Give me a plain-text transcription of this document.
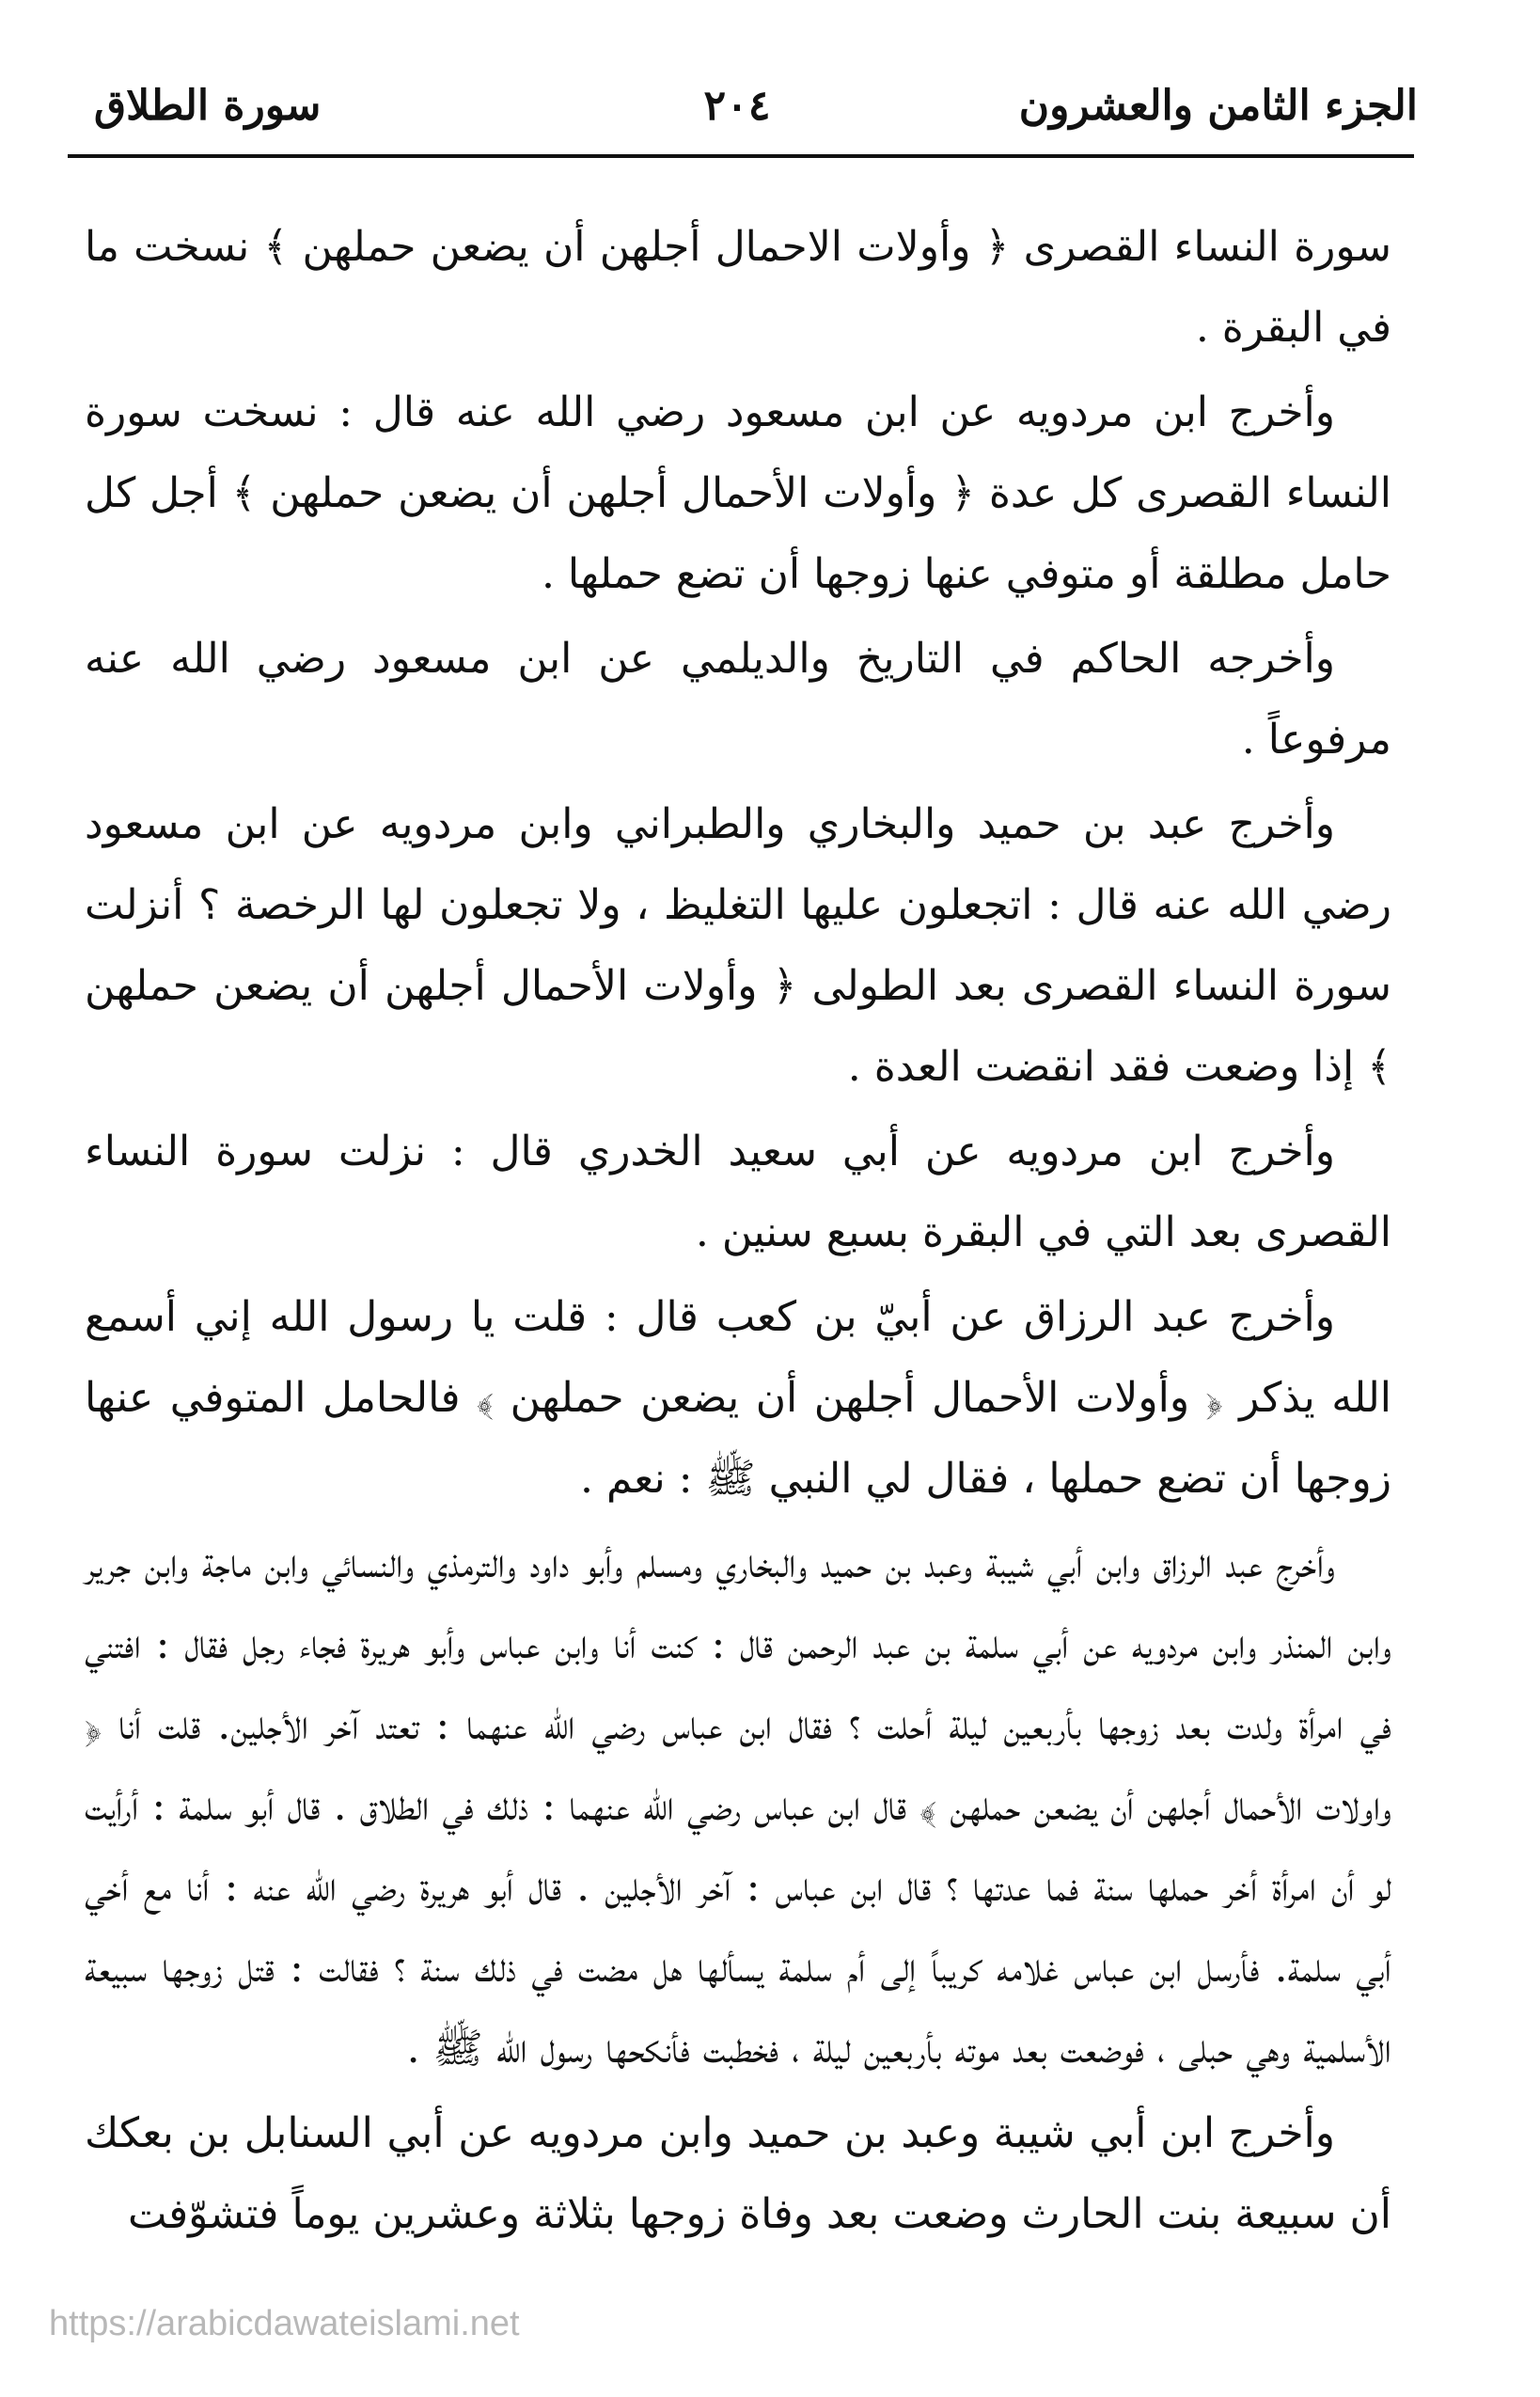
الجزء الثامن والعشرون
٢٠٤
سورة الطلاق

سورة النساء القصرى ﴿ وأولات الاحمال أجلهن أن يضعن حملهن ﴾ نسخت ما في البقرة .

وأخرج ابن مردويه عن ابن مسعود رضي الله عنه قال : نسخت سورة النساء القصرى كل عدة ﴿ وأولات الأحمال أجلهن أن يضعن حملهن ﴾ أجل كل حامل مطلقة أو متوفي عنها زوجها أن تضع حملها .

وأخرجه الحاكم في التاريخ والديلمي عن ابن مسعود رضي الله عنه مرفوعاً .

وأخرج عبد بن حميد والبخاري والطبراني وابن مردويه عن ابن مسعود رضي الله عنه قال : اتجعلون عليها التغليظ ، ولا تجعلون لها الرخصة ؟ أنزلت سورة النساء القصرى بعد الطولى ﴿ وأولات الأحمال أجلهن أن يضعن حملهن ﴾ إذا وضعت فقد انقضت العدة .

وأخرج ابن مردويه عن أبي سعيد الخدري قال : نزلت سورة النساء القصرى بعد التي في البقرة بسبع سنين .

وأخرج عبد الرزاق عن أبيّ بن كعب قال : قلت يا رسول الله إني أسمع الله يذكر ﴿ وأولات الأحمال أجلهن أن يضعن حملهن ﴾ فالحامل المتوفي عنها زوجها أن تضع حملها ، فقال لي النبي ﷺ : نعم .

وأخرج عبد الرزاق وابن أبي شيبة وعبد بن حميد والبخاري ومسلم وأبو داود والترمذي والنسائي وابن ماجة وابن جرير وابن المنذر وابن مردويه عن أبي سلمة بن عبد الرحمن قال : كنت أنا وابن عباس وأبو هريرة فجاء رجل فقال : افتني في امرأة ولدت بعد زوجها بأربعين ليلة أحلت ؟ فقال ابن عباس رضي الله عنهما : تعتد آخر الأجلين. قلت أنا ﴿ واولات الأحمال أجلهن أن يضعن حملهن ﴾ قال ابن عباس رضي الله عنهما : ذلك في الطلاق . قال أبو سلمة : أرأيت لو أن امرأة أخر حملها سنة فما عدتها ؟ قال ابن عباس : آخر الأجلين . قال أبو هريرة رضي الله عنه : أنا مع أخي أبي سلمة. فأرسل ابن عباس غلامه كريباً إلى أم سلمة يسألها هل مضت في ذلك سنة ؟ فقالت : قتل زوجها سبيعة الأسلمية وهي حبلى ، فوضعت بعد موته بأربعين ليلة ، فخطبت فأنكحها رسول الله ﷺ .

وأخرج ابن أبي شيبة وعبد بن حميد وابن مردويه عن أبي السنابل بن بعكك أن سبيعة بنت الحارث وضعت بعد وفاة زوجها بثلاثة وعشرين يوماً فتشوّفت

https://arabicdawateislami.net
